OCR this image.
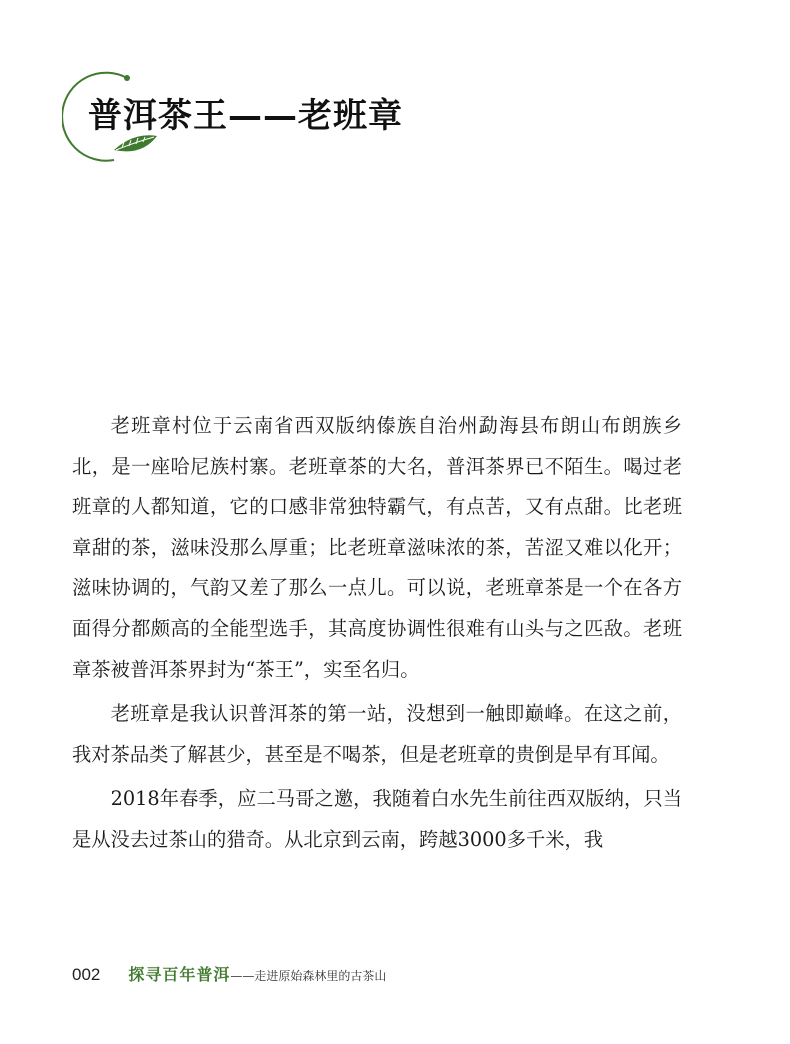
普洱茶王——老班章

老班章村位于云南省西双版纳傣族自治州勐海县布朗山布朗族乡北，是一座哈尼族村寨。老班章茶的大名，普洱茶界已不陌生。喝过老班章的人都知道，它的口感非常独特霸气，有点苦，又有点甜。比老班章甜的茶，滋味没那么厚重；比老班章滋味浓的茶，苦涩又难以化开；滋味协调的，气韵又差了那么一点儿。可以说，老班章茶是一个在各方面得分都颇高的全能型选手，其高度协调性很难有山头与之匹敌。老班章茶被普洱茶界封为“茶王”，实至名归。

老班章是我认识普洱茶的第一站，没想到一触即巅峰。在这之前，我对茶品类了解甚少，甚至是不喝茶，但是老班章的贵倒是早有耳闻。

2018年春季，应二马哥之邀，我随着白水先生前往西双版纳，只当是从没去过茶山的猎奇。从北京到云南，跨越3000多千米，我

002 探寻百年普洱 ——走进原始森林里的古茶山
